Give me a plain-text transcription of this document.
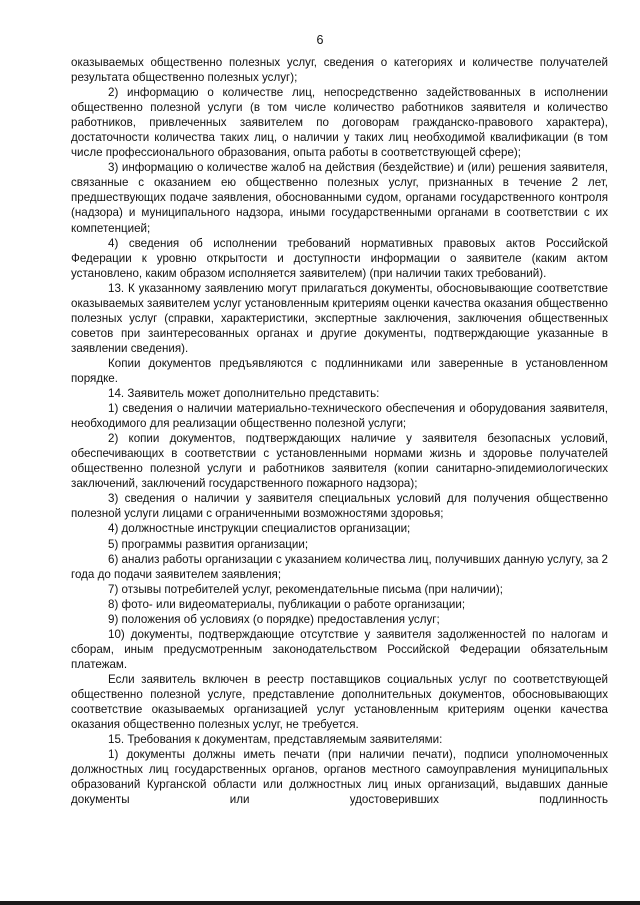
6

оказываемых общественно полезных услуг, сведения о категориях и количестве получателей результата общественно полезных услуг);

2) информацию о количестве лиц, непосредственно задействованных в исполнении общественно полезной услуги (в том числе количество работников заявителя и количество работников, привлеченных заявителем по договорам гражданско-правового характера), достаточности количества таких лиц, о наличии у таких лиц необходимой квалификации (в том числе профессионального образования, опыта работы в соответствующей сфере);

3) информацию о количестве жалоб на действия (бездействие) и (или) решения заявителя, связанные с оказанием ею общественно полезных услуг, признанных в течение 2 лет, предшествующих подаче заявления, обоснованными судом, органами государственного контроля (надзора) и муниципального надзора, иными государственными органами в соответствии с их компетенцией;

4) сведения об исполнении требований нормативных правовых актов Российской Федерации к уровню открытости и доступности информации о заявителе (каким актом установлено, каким образом исполняется заявителем) (при наличии таких требований).

13. К указанному заявлению могут прилагаться документы, обосновывающие соответствие оказываемых заявителем услуг установленным критериям оценки качества оказания общественно полезных услуг (справки, характеристики, экспертные заключения, заключения общественных советов при заинтересованных органах и другие документы, подтверждающие указанные в заявлении сведения).

Копии документов предъявляются с подлинниками или заверенные в установленном порядке.

14. Заявитель может дополнительно представить:

1) сведения о наличии материально-технического обеспечения и оборудования заявителя, необходимого для реализации общественно полезной услуги;

2) копии документов, подтверждающих наличие у заявителя безопасных условий, обеспечивающих в соответствии с установленными нормами жизнь и здоровье получателей общественно полезной услуги и работников заявителя (копии санитарно-эпидемиологических заключений, заключений государственного пожарного надзора);

3) сведения о наличии у заявителя специальных условий для получения общественно полезной услуги лицами с ограниченными возможностями здоровья;

4) должностные инструкции специалистов организации;

5) программы развития организации;

6) анализ работы организации с указанием количества лиц, получивших данную услугу, за 2 года до подачи заявителем заявления;

7) отзывы потребителей услуг, рекомендательные письма (при наличии);

8) фото- или видеоматериалы, публикации о работе организации;

9) положения об условиях (о порядке) предоставления услуг;

10) документы, подтверждающие отсутствие у заявителя задолженностей по налогам и сборам, иным предусмотренным законодательством Российской Федерации обязательным платежам.

Если заявитель включен в реестр поставщиков социальных услуг по соответствующей общественно полезной услуге, представление дополнительных документов, обосновывающих соответствие оказываемых организацией услуг установленным критериям оценки качества оказания общественно полезных услуг, не требуется.

15. Требования к документам, представляемым заявителями:

1) документы должны иметь печати (при наличии печати), подписи уполномоченных должностных лиц государственных органов, органов местного самоуправления муниципальных образований Курганской области или должностных лиц иных организаций, выдавших данные документы или удостоверивших подлинность
